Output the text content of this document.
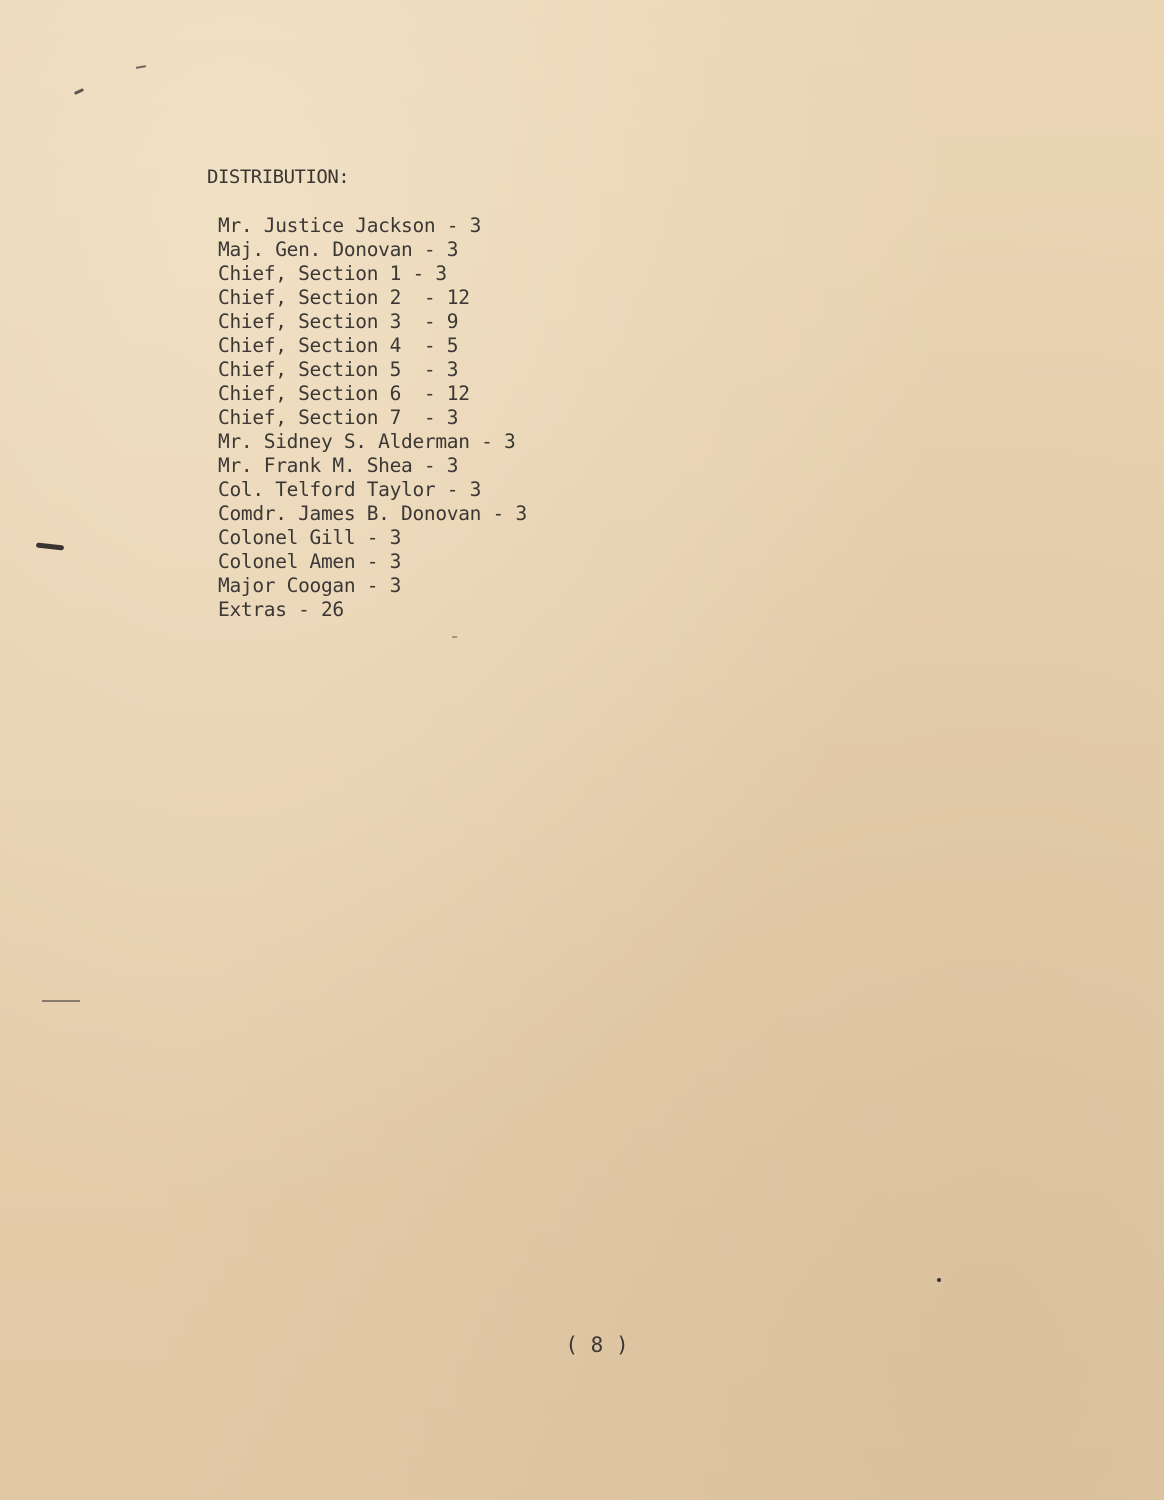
DISTRIBUTION:
Mr. Justice Jackson - 3
Maj. Gen. Donovan - 3
Chief, Section 1 - 3
Chief, Section 2  - 12
Chief, Section 3  - 9
Chief, Section 4  - 5
Chief, Section 5  - 3
Chief, Section 6  - 12
Chief, Section 7  - 3
Mr. Sidney S. Alderman - 3
Mr. Frank M. Shea - 3
Col. Telford Taylor - 3
Comdr. James B. Donovan - 3
Colonel Gill - 3
Colonel Amen - 3
Major Coogan - 3
Extras - 26
( 8 )
